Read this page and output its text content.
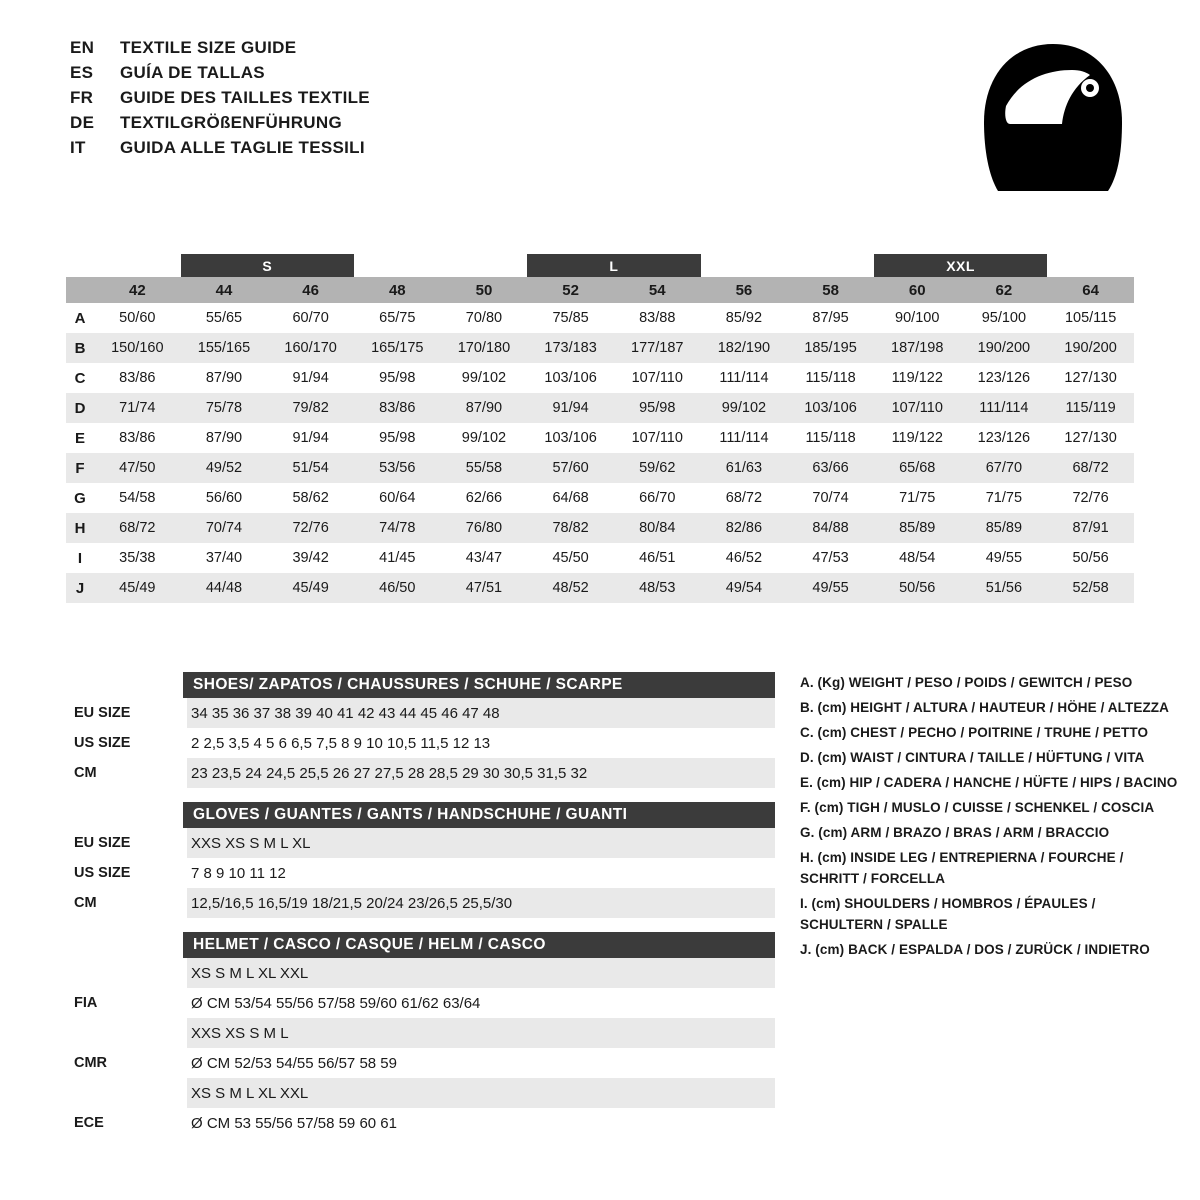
EN	TEXTILE SIZE GUIDE
ES	GUÍA DE TALLAS
FR	GUIDE DES TAILLES TEXTILE
DE	TEXTILGRÖßENFÜHRUNG
IT	GUIDA ALLE TAGLIE TESSILI
		S		M		L		XL		XXL		
	42	44	46	48	50	52	54	56	58	60	62	64
A	50/60	55/65	60/70	65/75	70/80	75/85	83/88	85/92	87/95	90/100	95/100	105/115
B	150/160	155/165	160/170	165/175	170/180	173/183	177/187	182/190	185/195	187/198	190/200	190/200
C	83/86	87/90	91/94	95/98	99/102	103/106	107/110	111/114	115/118	119/122	123/126	127/130
D	71/74	75/78	79/82	83/86	87/90	91/94	95/98	99/102	103/106	107/110	111/114	115/119
E	83/86	87/90	91/94	95/98	99/102	103/106	107/110	111/114	115/118	119/122	123/126	127/130
F	47/50	49/52	51/54	53/56	55/58	57/60	59/62	61/63	63/66	65/68	67/70	68/72
G	54/58	56/60	58/62	60/64	62/66	64/68	66/70	68/72	70/74	71/75	71/75	72/76
H	68/72	70/74	72/76	74/78	76/80	78/82	80/84	82/86	84/88	85/89	85/89	87/91
I	35/38	37/40	39/42	41/45	43/47	45/50	46/51	46/52	47/53	48/54	49/55	50/56
J	45/49	44/48	45/49	46/50	47/51	48/52	48/53	49/54	49/55	50/56	51/56	52/58
SHOES/ ZAPATOS / CHAUSSURES / SCHUHE / SCARPE
EU SIZE	34 35 36 37 38 39 40 41 42 43 44 45 46 47 48
US SIZE	2 2,5 3,5 4 5 6 6,5 7,5 8 9 10 10,5 11,5 12 13
CM	23 23,5 24 24,5 25,5 26 27 27,5 28 28,5 29 30 30,5 31,5 32
GLOVES / GUANTES / GANTS / HANDSCHUHE / GUANTI
EU SIZE	XXS XS S M L XL
US SIZE	7 8 9 10 11 12
CM	12,5/16,5 16,5/19 18/21,5 20/24 23/26,5 25,5/30
HELMET / CASCO / CASQUE / HELM / CASCO
	XS S M L XL XXL
FIA	Ø CM 53/54 55/56 57/58 59/60 61/62 63/64
	XXS XS S M L
CMR	Ø CM 52/53 54/55 56/57 58 59
	XS S M L XL XXL
ECE	Ø CM 53 55/56 57/58 59 60 61
A. (Kg) WEIGHT / PESO / POIDS / GEWITCH / PESO
B. (cm) HEIGHT / ALTURA / HAUTEUR / HÖHE / ALTEZZA
C. (cm) CHEST / PECHO / POITRINE / TRUHE / PETTO
D. (cm) WAIST / CINTURA / TAILLE / HÜFTUNG / VITA
E. (cm) HIP / CADERA / HANCHE / HÜFTE / HIPS / BACINO
F. (cm) TIGH / MUSLO / CUISSE / SCHENKEL / COSCIA
G. (cm) ARM / BRAZO / BRAS / ARM / BRACCIO
H. (cm) INSIDE LEG / ENTREPIERNA / FOURCHE / SCHRITT / FORCELLA
I. (cm) SHOULDERS / HOMBROS / ÉPAULES / SCHULTERN / SPALLE
J. (cm) BACK / ESPALDA / DOS / ZURÜCK / INDIETRO
